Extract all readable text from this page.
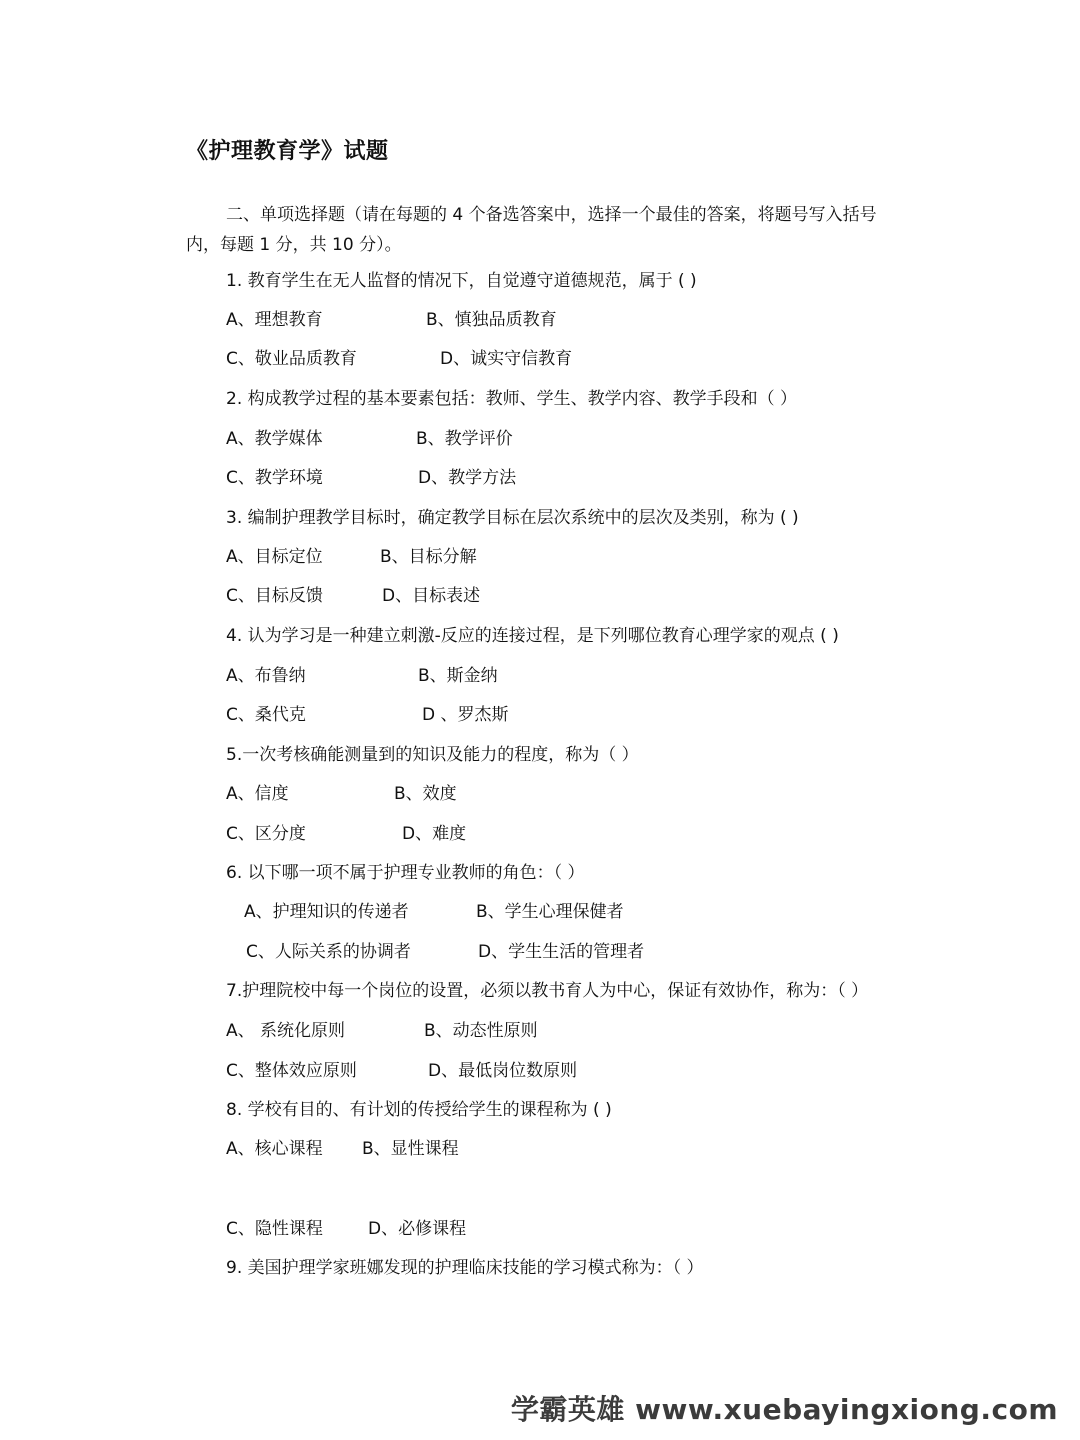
《护理教育学》试题
二、单项选择题（请在每题的 4 个备选答案中，选择一个最佳的答案，将题号写入括号内，每题 1 分，共 10 分）。
1. 教育学生在无人监督的情况下，自觉遵守道德规范，属于 ( )
A、理想教育	B、慎独品质教育
C、敬业品质教育	D、诚实守信教育
2. 构成教学过程的基本要素包括：教师、学生、教学内容、教学手段和（ ）
A、教学媒体	B、教学评价
C、教学环境	D、教学方法
3. 编制护理教学目标时，确定教学目标在层次系统中的层次及类别，称为 ( )
A、目标定位	B、目标分解
C、目标反馈	D、目标表述
4. 认为学习是一种建立刺激-反应的连接过程，是下列哪位教育心理学家的观点 ( )
A、布鲁纳	B、斯金纳
C、桑代克	D 、罗杰斯
5.一次考核确能测量到的知识及能力的程度，称为（ ）
A、信度	B、效度
C、区分度	D、难度
6. 以下哪一项不属于护理专业教师的角色：（ ）
A、护理知识的传递者	B、学生心理保健者
C、人际关系的协调者	D、学生生活的管理者
7.护理院校中每一个岗位的设置，必须以教书育人为中心，保证有效协作，称为：（ ）
A、 系统化原则	B、动态性原则
C、整体效应原则	D、最低岗位数原则
8. 学校有目的、有计划的传授给学生的课程称为 ( )
A、核心课程 B、显性课程
C、隐性课程	D、必修课程
9. 美国护理学家班娜发现的护理临床技能的学习模式称为：（ ）
学霸英雄 www.xuebayingxiong.com
